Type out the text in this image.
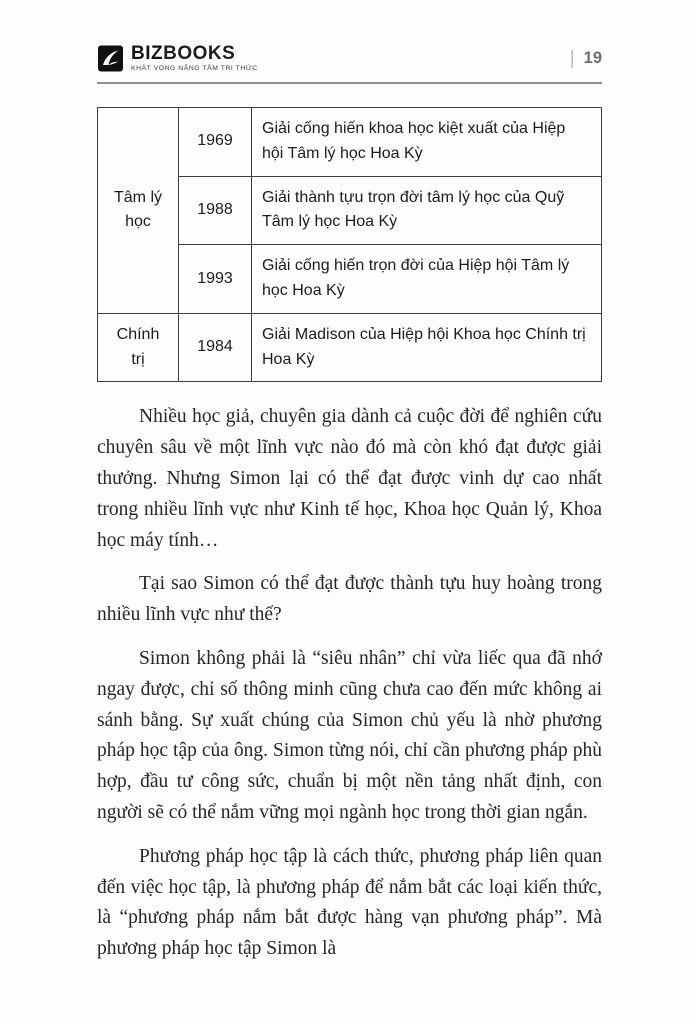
BIZBOOKS
KHÁT VỌNG NÂNG TẦM TRI THỨC	| 19
Tâm lý học	1969	Giải cống hiến khoa học kiệt xuất của Hiệp hội Tâm lý học Hoa Kỳ
	1988	Giải thành tựu trọn đời tâm lý học của Quỹ Tâm lý học Hoa Kỳ
	1993	Giải cống hiến trọn đời của Hiệp hội Tâm lý học Hoa Kỳ
Chính trị	1984	Giải Madison của Hiệp hội Khoa học Chính trị Hoa Kỳ

Nhiều học giả, chuyên gia dành cả cuộc đời để nghiên cứu chuyên sâu về một lĩnh vực nào đó mà còn khó đạt được giải thưởng. Nhưng Simon lại có thể đạt được vinh dự cao nhất trong nhiều lĩnh vực như Kinh tế học, Khoa học Quản lý, Khoa học máy tính…

Tại sao Simon có thể đạt được thành tựu huy hoàng trong nhiều lĩnh vực như thế?

Simon không phải là “siêu nhân” chỉ vừa liếc qua đã nhớ ngay được, chỉ số thông minh cũng chưa cao đến mức không ai sánh bằng. Sự xuất chúng của Simon chủ yếu là nhờ phương pháp học tập của ông. Simon từng nói, chỉ cần phương pháp phù hợp, đầu tư công sức, chuẩn bị một nền tảng nhất định, con người sẽ có thể nắm vững mọi ngành học trong thời gian ngắn.

Phương pháp học tập là cách thức, phương pháp liên quan đến việc học tập, là phương pháp để nắm bắt các loại kiến thức, là “phương pháp nắm bắt được hàng vạn phương pháp”. Mà phương pháp học tập Simon là
